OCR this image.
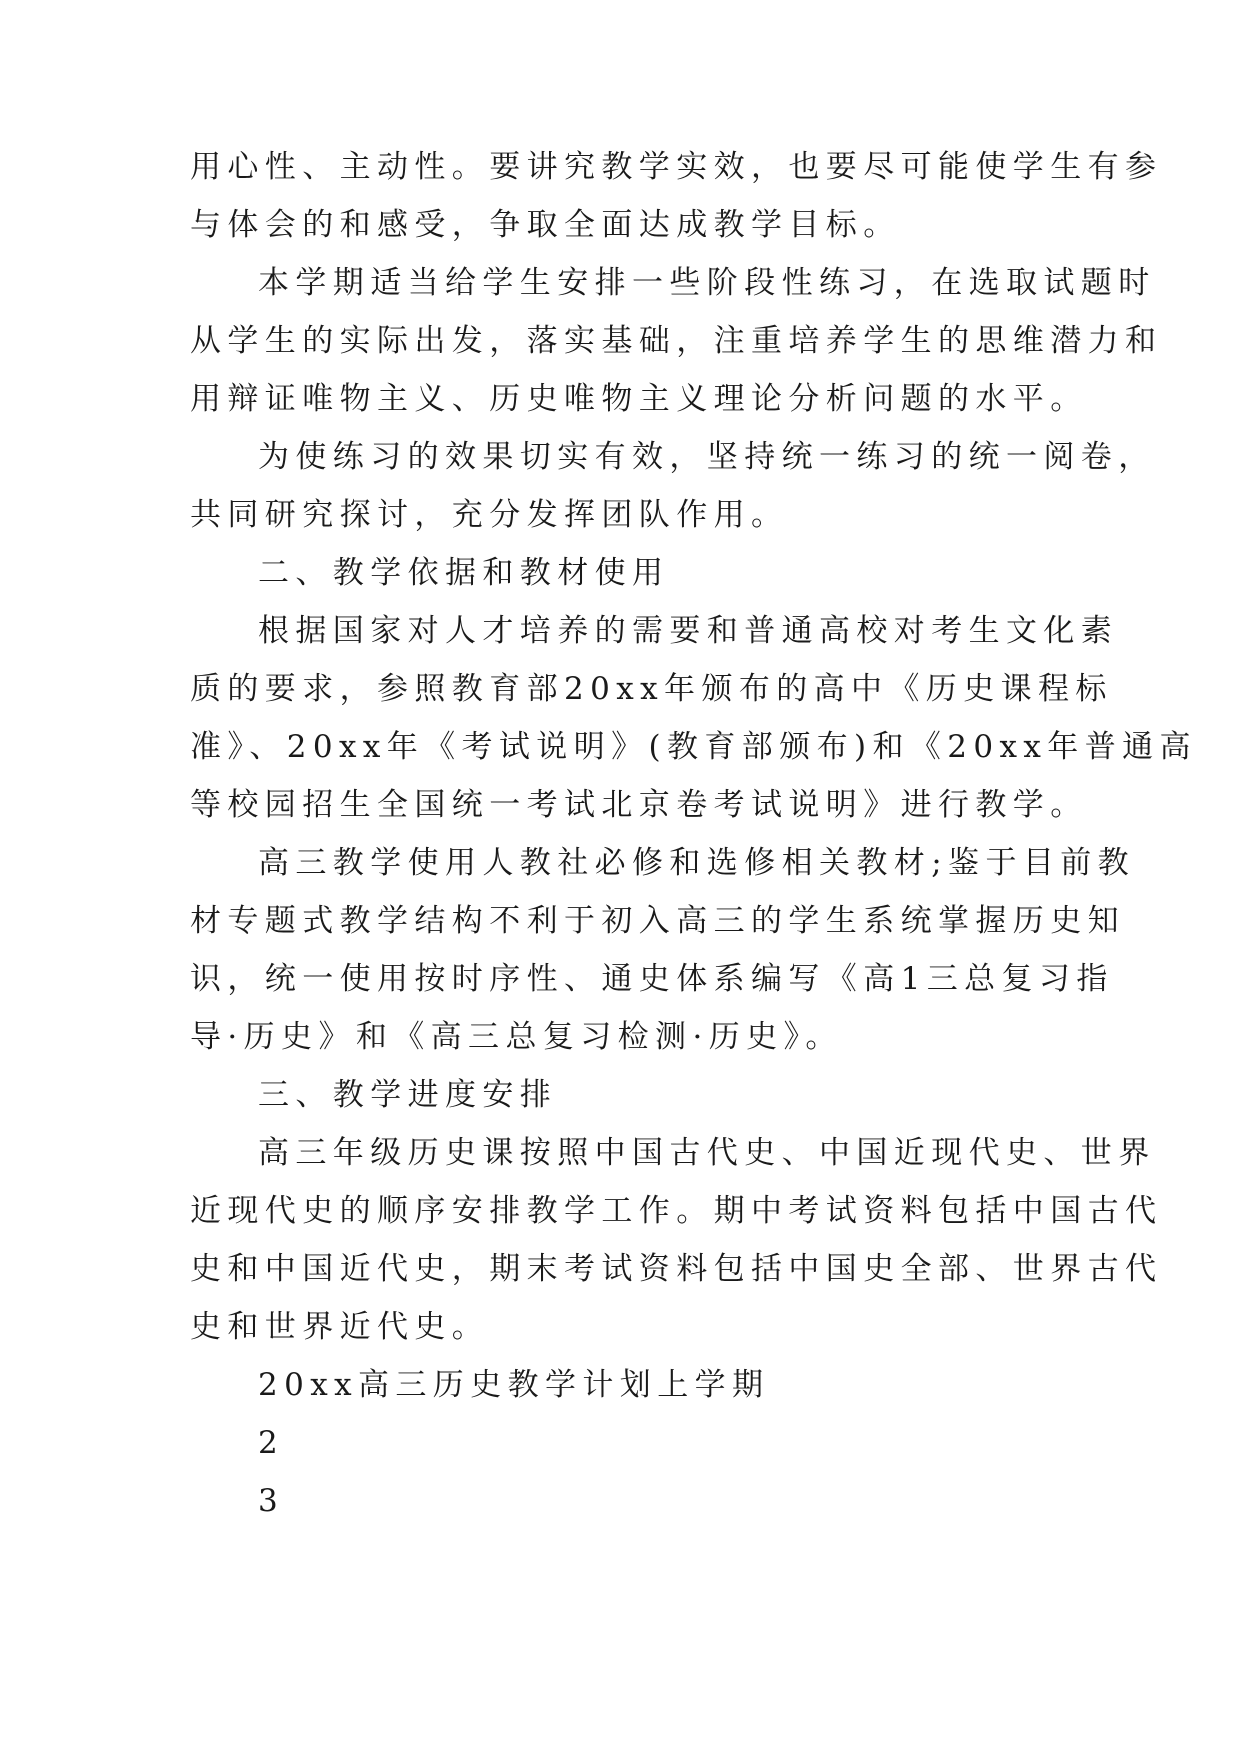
用心性、主动性。要讲究教学实效，也要尽可能使学生有参
与体会的和感受，争取全面达成教学目标。
本学期适当给学生安排一些阶段性练习，在选取试题时
从学生的实际出发，落实基础，注重培养学生的思维潜力和
用辩证唯物主义、历史唯物主义理论分析问题的水平。
为使练习的效果切实有效，坚持统一练习的统一阅卷，
共同研究探讨，充分发挥团队作用。
二、教学依据和教材使用
根据国家对人才培养的需要和普通高校对考生文化素
质的要求，参照教育部20xx年颁布的高中《历史课程标
准》、20xx年《考试说明》(教育部颁布)和《20xx年普通高
等校园招生全国统一考试北京卷考试说明》进行教学。
高三教学使用人教社必修和选修相关教材;鉴于目前教
材专题式教学结构不利于初入高三的学生系统掌握历史知
识，统一使用按时序性、通史体系编写《高1三总复习指
导·历史》和《高三总复习检测·历史》。
三、教学进度安排
高三年级历史课按照中国古代史、中国近现代史、世界
近现代史的顺序安排教学工作。期中考试资料包括中国古代
史和中国近代史，期末考试资料包括中国史全部、世界古代
史和世界近代史。
20xx高三历史教学计划上学期
2
3
